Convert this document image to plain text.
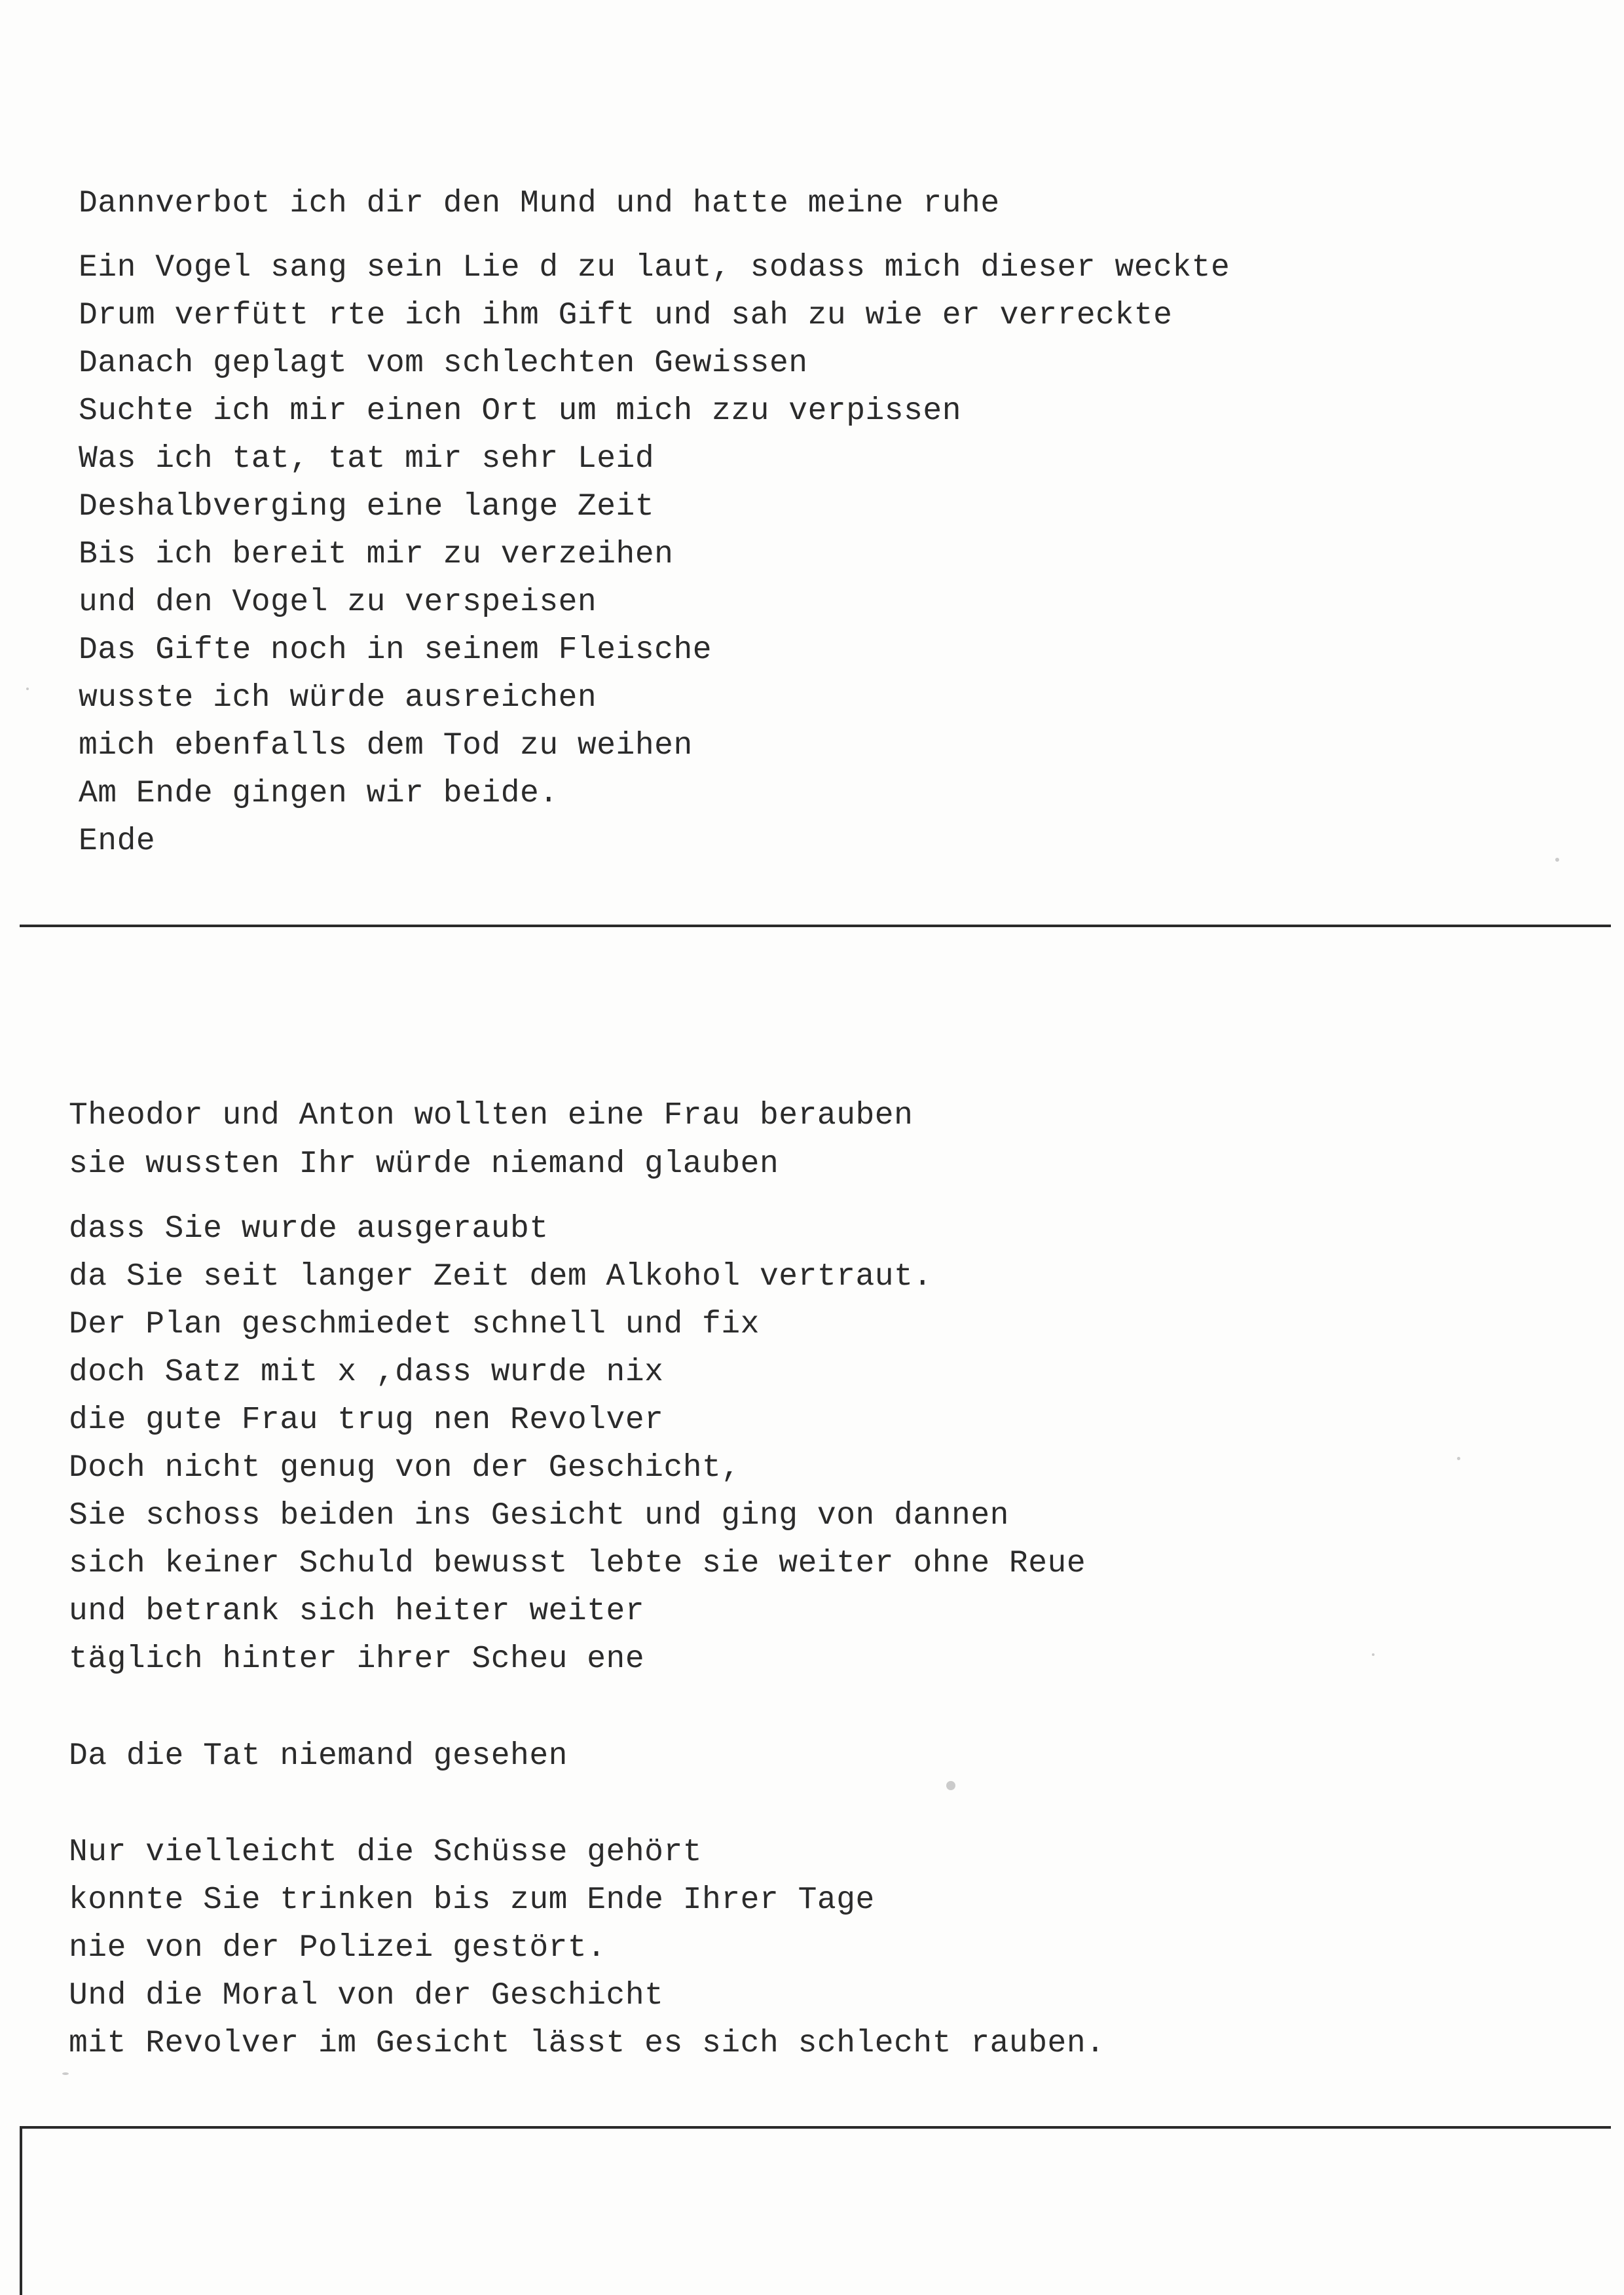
Dannverbot ich dir den Mund und hatte meine ruhe
Ein Vogel sang sein Lie d zu laut, sodass mich dieser weckte
Drum verfütt rte ich ihm Gift und sah zu wie er verreckte
Danach geplagt vom schlechten Gewissen
Suchte ich mir einen Ort um mich zzu verpissen
Was ich tat, tat mir sehr Leid
Deshalbverging eine lange Zeit
Bis ich bereit mir zu verzeihen
und den Vogel zu verspeisen
Das Gifte noch in seinem Fleische
wusste ich würde ausreichen
mich ebenfalls dem Tod zu weihen
Am Ende gingen wir beide.
Ende
Theodor und Anton wollten eine Frau berauben
sie wussten Ihr würde niemand glauben
dass Sie wurde ausgeraubt
da Sie seit langer Zeit dem Alkohol vertraut.
Der Plan geschmiedet schnell und fix
doch Satz mit x ,dass wurde nix
die gute Frau trug nen Revolver
Doch nicht genug von der Geschicht,
Sie schoss beiden ins Gesicht und ging von dannen
sich keiner Schuld bewusst lebte sie weiter ohne Reue
und betrank sich heiter weiter
täglich hinter ihrer Scheu ene
Da die Tat niemand gesehen
Nur vielleicht die Schüsse gehört
konnte Sie trinken bis zum Ende Ihrer Tage
nie von der Polizei gestört.
Und die Moral von der Geschicht
mit Revolver im Gesicht lässt es sich schlecht rauben.
